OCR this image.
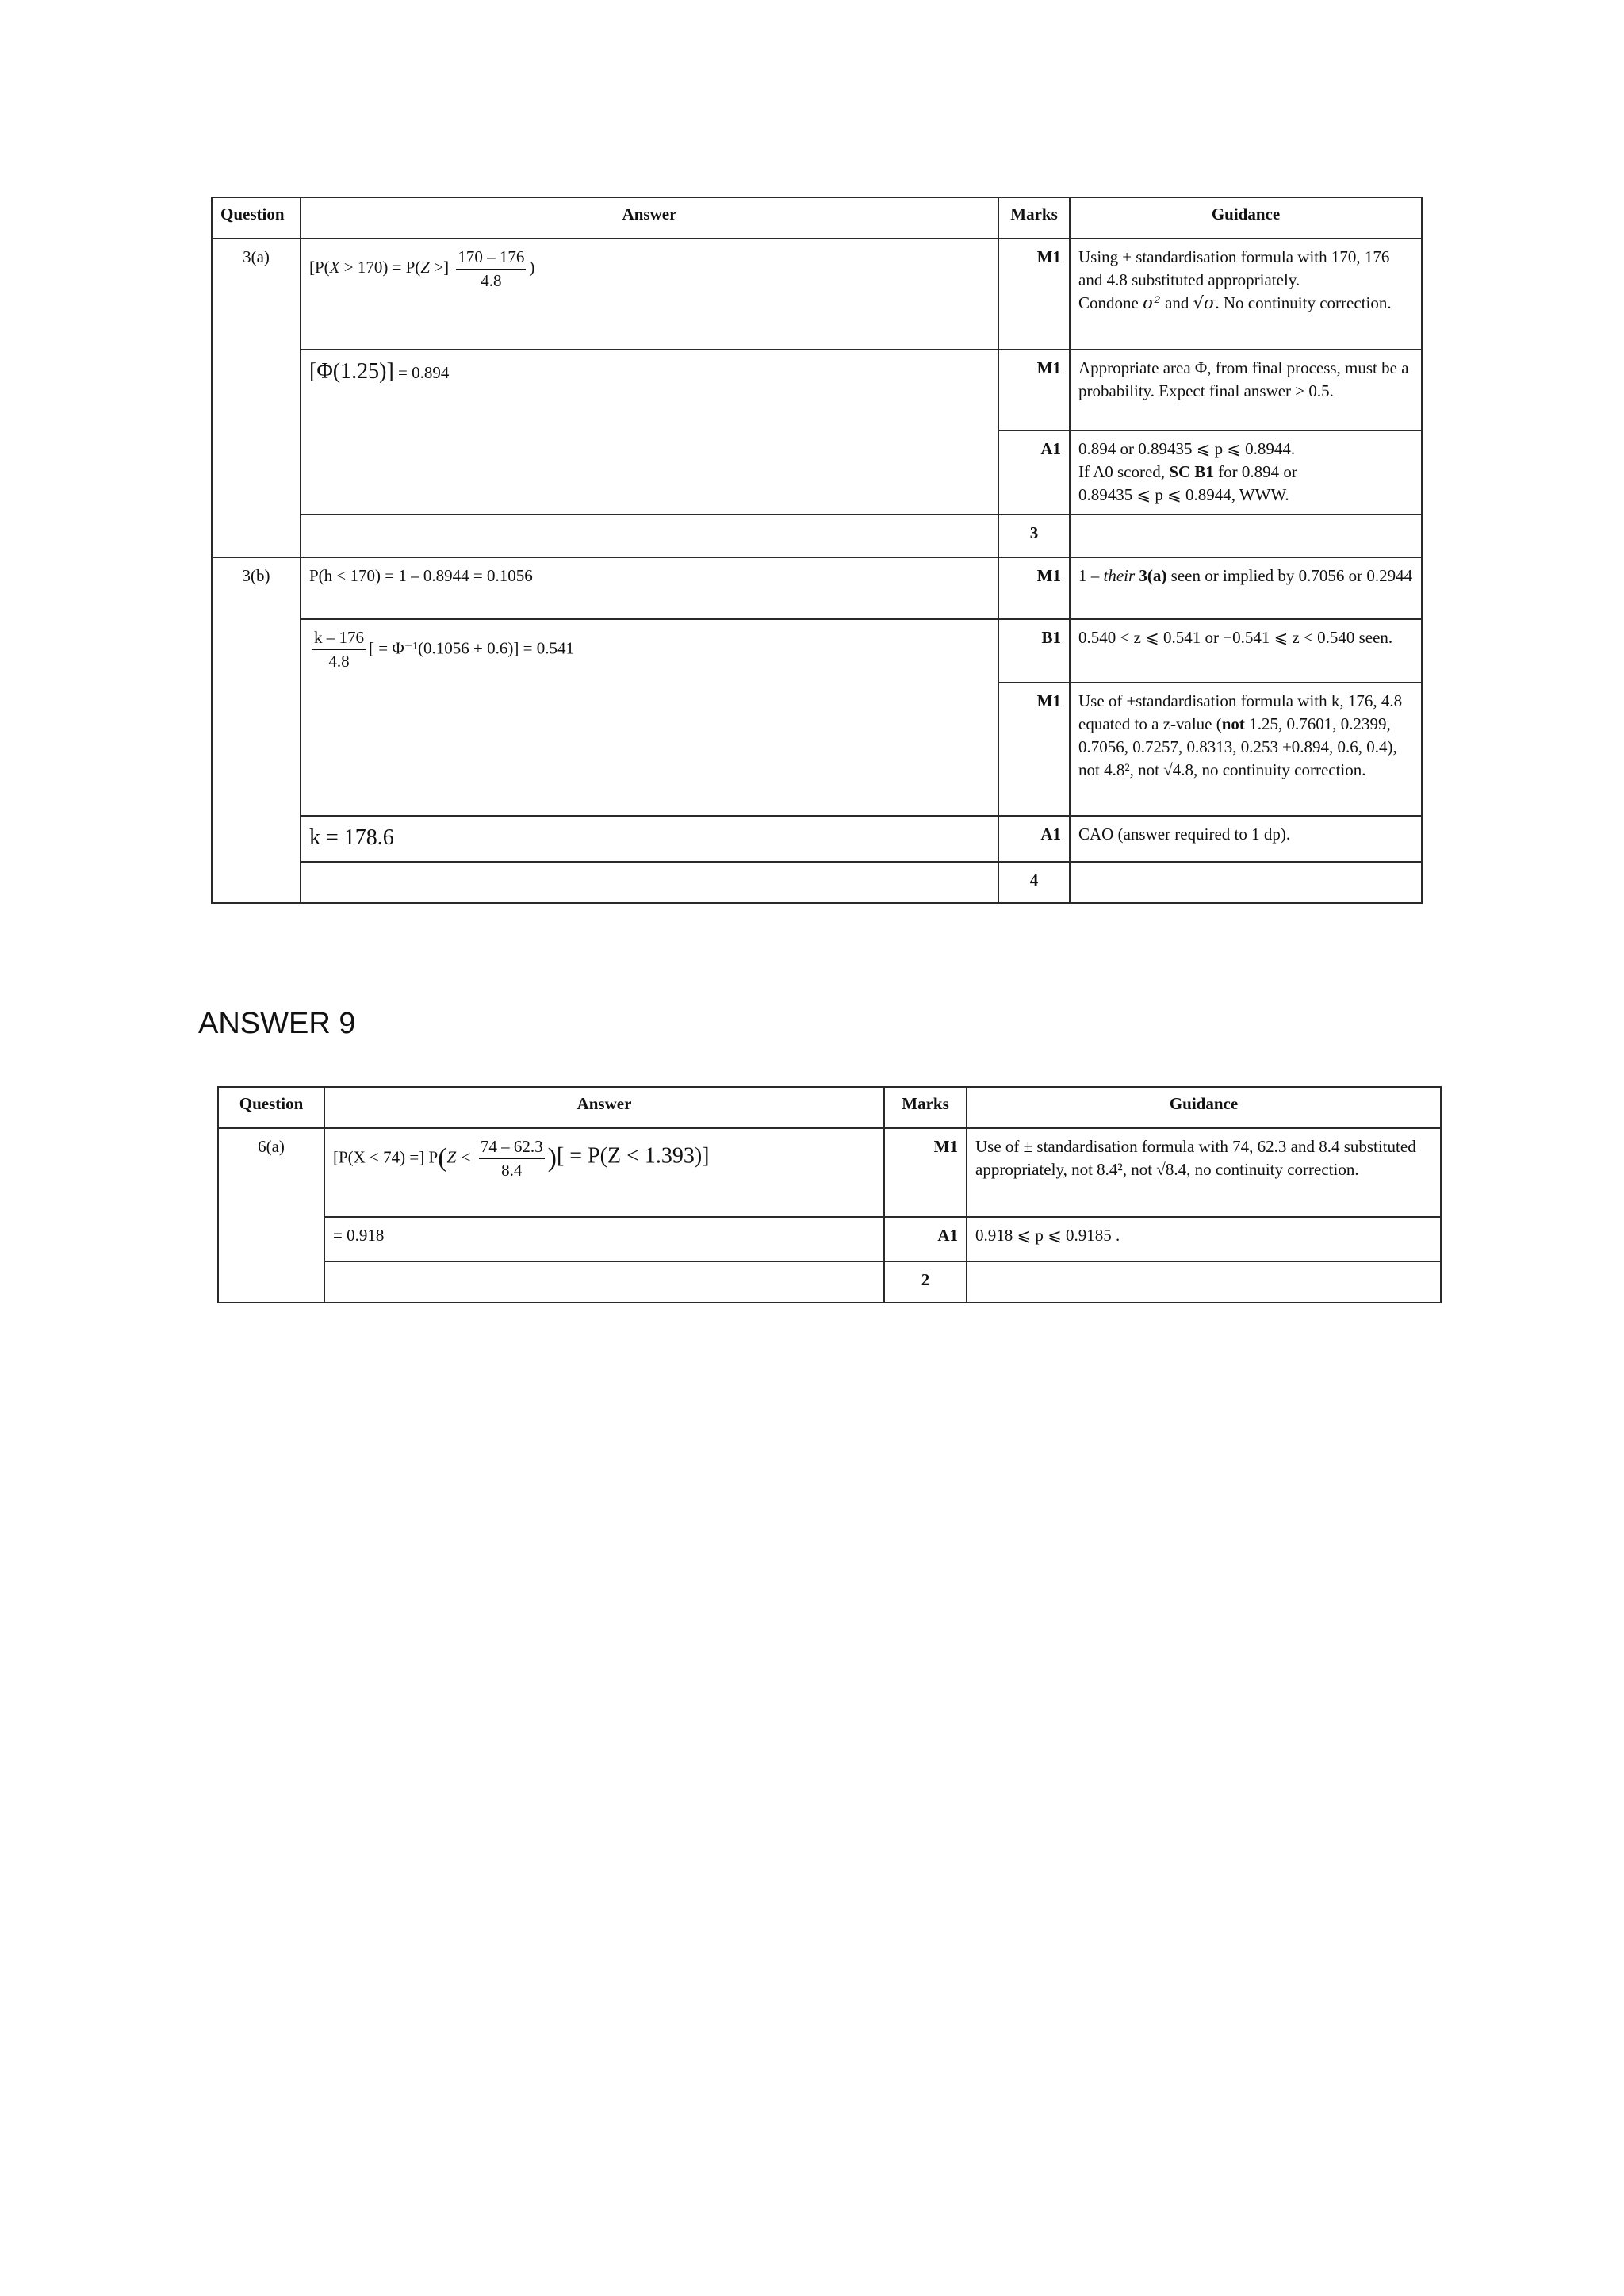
Question	Answer	Marks	Guidance
3(a)	[P(X > 170) = P(Z >] $\frac{170 - 176}{4.8}$ )	M1	Using ± standardisation formula with 170, 176 and 4.8 substituted appropriately.
Condone σ² and √σ. No continuity correction.
	[Φ(1.25)] = 0.894	M1	Appropriate area Φ, from final process, must be a probability. Expect final answer > 0.5.
		A1	0.894 or 0.89435 ⩽ p ⩽ 0.8944.
If A0 scored, SC B1 for 0.894 or
0.89435 ⩽ p ⩽ 0.8944, WWW.
		3	
3(b)	P(h < 170) = 1 – 0.8944 = 0.1056	M1	1 – their 3(a) seen or implied by 0.7056 or 0.2944

	$\frac{k - 176}{4.8}$ [ = Φ⁻¹(0.1056 + 0.6)] = 0.541	B1	0.540 < z ⩽ 0.541 or −0.541 ⩽ z < 0.540 seen.
		M1	Use of ±standardisation formula with k, 176, 4.8 equated to a z-value (not 1.25, 0.7601, 0.2399, 0.7056, 0.7257, 0.8313, 0.253 ±0.894, 0.6, 0.4), not 4.8², not √4.8, no continuity correction.
	k = 178.6	A1	CAO (answer required to 1 dp).
		4	
ANSWER 9
Question	Answer	Marks	Guidance
6(a)	[P(X < 74) =] $P(Z < \frac{74 - 62.3}{8.4}$ )[ = P(Z < 1.393)]	M1	Use of ± standardisation formula with 74, 62.3 and 8.4 substituted appropriately, not 8.4², not √8.4, no continuity correction.
	= 0.918	A1	0.918 ⩽ p ⩽ 0.9185 .
		2	
